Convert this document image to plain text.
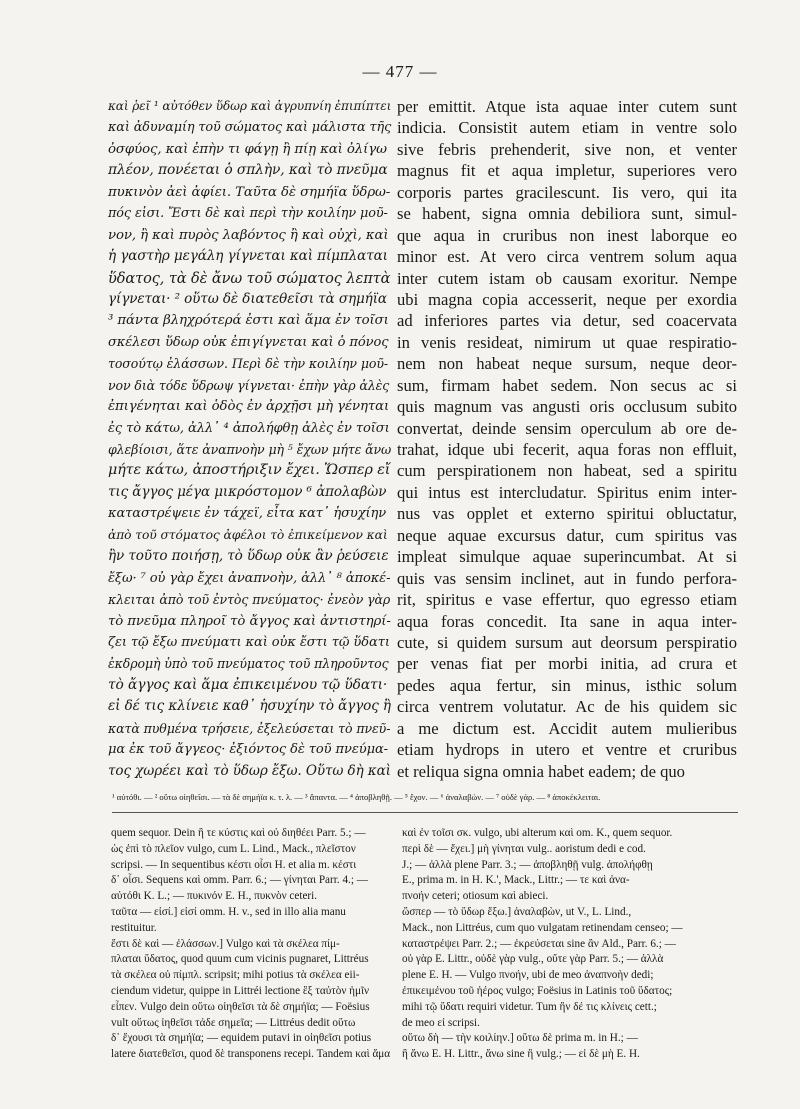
— 477 —
καὶ ῥεῖ ¹ αὐτόθεν ὕδωρ καὶ ἀγρυπνίη ἐπιπίπτει
καὶ ἀδυναμίη τοῦ σώματος καὶ μάλιστα τῆς
ὀσφύος, καὶ ἐπὴν τι φάγῃ ἢ πίῃ καὶ ὀλίγω
πλέον, πονέεται ὁ σπλὴν, καὶ τὸ πνεῦμα
πυκινὸν ἀεὶ ἀφίει. Ταῦτα δὲ σημήϊα ὕδρω-
πός εἰσι. Ἔστι δὲ καὶ περὶ τὴν κοιλίην μοῦ-
νον, ἢ καὶ πυρὸς λαβόντος ἢ καὶ οὐχὶ, καὶ
ἡ γαστὴρ μεγάλη γίγνεται καὶ πίμπλαται
ὕδατος, τὰ δὲ ἄνω τοῦ σώματος λεπτὰ
γίγνεται· ² οὕτω δὲ διατεθεῖσι τὰ σημήϊα
³ πάντα βληχρότερά ἐστι καὶ ἅμα ἐν τοῖσι
σκέλεσι ὕδωρ οὐκ ἐπιγίγνεται καὶ ὁ πόνος
τοσούτῳ ἐλάσσων. Περὶ δὲ τὴν κοιλίην μοῦ-
νον διὰ τόδε ὕδρωψ γίγνεται· ἐπὴν γὰρ ἀλὲς
ἐπιγένηται καὶ ὁδὸς ἐν ἀρχῇσι μὴ γένηται
ἐς τὸ κάτω, ἀλλ᾽ ⁴ ἀπολήφθῃ ἀλὲς ἐν τοῖσι
φλεβίοισι, ἅτε ἀναπνοὴν μὴ ⁵ ἔχων μήτε ἄνω
μήτε κάτω, ἀποστήριξιν ἔχει. Ὥσπερ εἴ
τις ἄγγος μέγα μικρόστομον ⁶ ἀπολαβὼν
καταστρέψειε ἐν τάχεϊ, εἶτα κατ᾽ ἡσυχίην
ἀπὸ τοῦ στόματος ἀφέλοι τὸ ἐπικείμενον καὶ
ἢν τοῦτο ποιήσῃ, τὸ ὕδωρ οὐκ ἂν ῥεύσειε
ἔξω· ⁷ οὐ γὰρ ἔχει ἀναπνοὴν, ἀλλ᾽ ⁸ ἀποκέ-
κλειται ἀπὸ τοῦ ἐντὸς πνεύματος· ἐνεὸν γὰρ
τὸ πνεῦμα πληροῖ τὸ ἄγγος καὶ ἀντιστηρί-
ζει τῷ ἔξω πνεύματι καὶ οὐκ ἔστι τῷ ὕδατι
ἐκδρομὴ ὑπὸ τοῦ πνεύματος τοῦ πληροῦντος
τὸ ἄγγος καὶ ἅμα ἐπικειμένου τῷ ὕδατι·
εἰ δέ τις κλίνειε καθ᾽ ἡσυχίην τὸ ἄγγος ἢ
κατὰ πυθμένα τρήσειε, ἐξελεύσεται τὸ πνεῦ-
μα ἐκ τοῦ ἄγγεος· ἐξιόντος δὲ τοῦ πνεύμα-
τος χωρέει καὶ τὸ ὕδωρ ἔξω. Οὕτω δὴ καὶ
per emittit. Atque ista aquae inter cutem sunt
indicia. Consistit autem etiam in ventre solo
sive febris prehenderit, sive non, et venter
magnus fit et aqua impletur, superiores vero
corporis partes gracilescunt. Iis vero, qui ita
se habent, signa omnia debiliora sunt, simul-
que aqua in cruribus non inest laborque eo
minor est. At vero circa ventrem solum aqua
inter cutem istam ob causam exoritur. Nempe
ubi magna copia accesserit, neque per exordia
ad inferiores partes via detur, sed coacervata
in venis resideat, nimirum ut quae respiratio-
nem non habeat neque sursum, neque deor-
sum, firmam habet sedem. Non secus ac si
quis magnum vas angusti oris occlusum subito
convertat, deinde sensim operculum ab ore de-
trahat, idque ubi fecerit, aqua foras non effluit,
cum perspirationem non habeat, sed a spiritu
qui intus est intercludatur. Spiritus enim inter-
nus vas opplet et externo spiritui obluctatur,
neque aquae excursus datur, cum spiritus vas
impleat simulque aquae superincumbat. At si
quis vas sensim inclinet, aut in fundo perfora-
rit, spiritus e vase effertur, quo egresso etiam
aqua foras concedit. Ita sane in aqua inter-
cute, si quidem sursum aut deorsum perspiratio
per venas fiat per morbi initia, ad crura et
pedes aqua fertur, sin minus, isthic solum
circa ventrem volutatur. Ac de his quidem sic
a me dictum est. Accidit autem mulieribus
etiam hydrops in utero et ventre et cruribus
et reliqua signa omnia habet eadem; de quo
¹ αὐτόθι. — ² οὕτω οἰηθεῖσι. — τὰ δὲ σημήϊα κ. τ. λ. — ³ ἅπαντα. — ⁴ ἀποβληθῇ. — ⁵ ἔχον. — ⁶ ἀναλαβὼν. — ⁷ οὐδὲ γάρ. — ⁸ ἀποκέκλειται.
quem sequor. Dein ἢ τε κύστις καὶ οὐ διηθέει Parr. 5.; —
ὡς ἐπὶ τὸ πλεῖον vulgo, cum L. Lind., Mack., πλεῖστον
scripsi. — In sequentibus κέστι οἷσι H. et alia m. κέστι
δ᾽ οἷσι. Sequens καὶ omm. Parr. 6.; — γίνηται Parr. 4.; —
αὐτόθι K. L.; — πυκινόν E. H., πυκνὸν ceteri.
ταῦτα — εἰσί.] εἰσί omm. H. v., sed in illo alia manu
restituitur.
ἔστι δὲ καὶ — ἐλάσσων.] Vulgo καὶ τὰ σκέλεα πίμ-
πλαται ὕδατος, quod quum cum vicinis pugnaret, Littréus
τὰ σκέλεα οὐ πίμπλ. scripsit; mihi potius τὰ σκέλεα eii-
ciendum videtur, quippe in Littréi lectione ἓξ ταὐτὸν ἡμῖν
εἶπεν. Vulgo dein οὕτω οἰηθεῖσι τὰ δὲ σημήϊα; — Foësius
vult οὕτως ἰηθεῖσι τάδε σημεῖα; — Littréus dedit οὕτω
δ᾽ ἔχουσι τὰ σημήϊα; — equidem putavi in οἰηθεῖσι potius
latere διατεθεῖσι, quod δὲ transponens recepi. Tandem καὶ ἅμα
καὶ ἐν τοῖσι σκ. vulgo, ubi alterum καὶ om. K., quem sequor.
περὶ δὲ — ἔχει.] μὴ γίνηται vulg.. aoristum dedi e cod.
J.; — ἀλλὰ plene Parr. 3.; — ἀποβληθῇ vulg. ἀπολήφθῃ
E., prima m. in H. K.', Mack., Littr.; — τε καὶ ἀνα-
πνοήν ceteri; otiosum καὶ abieci.
ὥσπερ — τὸ ὕδωρ ἔξω.] ἀναλαβὼν, ut V., L. Lind.,
Mack., non Littréus, cum quo vulgatam retinendam censeo; —
καταστρέψει Parr. 2.; — ἐκρεύσεται sine ἂν Ald., Parr. 6.; —
οὐ γὰρ E. Littr., οὐδὲ γὰρ vulg., οὔτε γὰρ Parr. 5.; — ἀλλὰ
plene E. H. — Vulgo πνοήν, ubi de meo ἀναπνοὴν dedi;
ἐπικειμένου τοῦ ἠέρος vulgo; Foësius in Latinis τοῦ ὕδατος;
mihi τῷ ὕδατι requiri videtur. Tum ἢν δέ τις κλίνεις cett.;
de meo εἰ scripsi.
οὕτω δὴ — τὴν κοιλίην.] οὕτω δὲ prima m. in H.; —
ἢ ἄνω E. H. Littr., ἄνω sine ἢ vulg.; — εἰ δὲ μὴ E. H.
